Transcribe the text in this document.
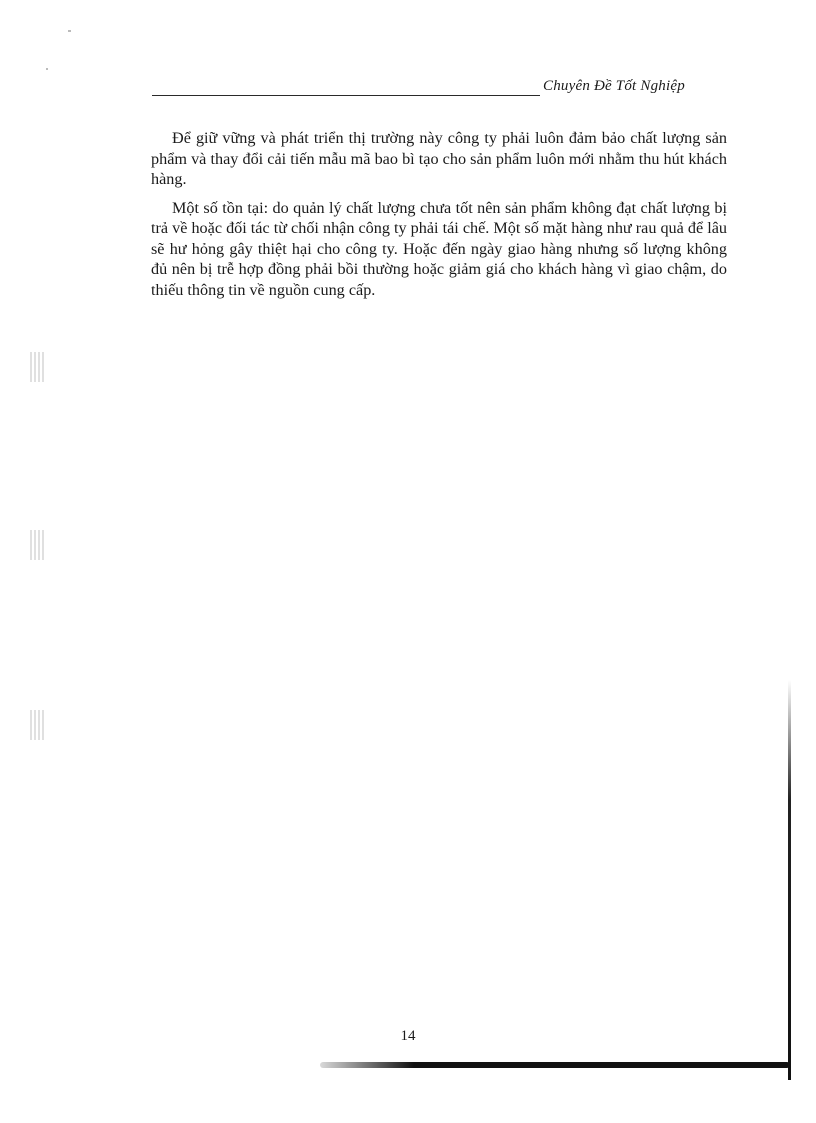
Chuyên Đề Tốt Nghiệp

Để giữ vững và phát triển thị trường này công ty phải luôn đảm bảo chất lượng sản phẩm và thay đổi cải tiến mẫu mã bao bì tạo cho sản phẩm luôn mới nhằm thu hút khách hàng.

Một số tồn tại: do quản lý chất lượng chưa tốt nên sản phẩm không đạt chất lượng bị trả về hoặc đối tác từ chối nhận công ty phải tái chế. Một số mặt hàng như rau quả để lâu sẽ hư hỏng gây thiệt hại cho công ty. Hoặc đến ngày giao hàng nhưng số lượng không đủ nên bị trễ hợp đồng phải bồi thường hoặc giảm giá cho khách hàng vì giao chậm, do thiếu thông tin về nguồn cung cấp.

14
